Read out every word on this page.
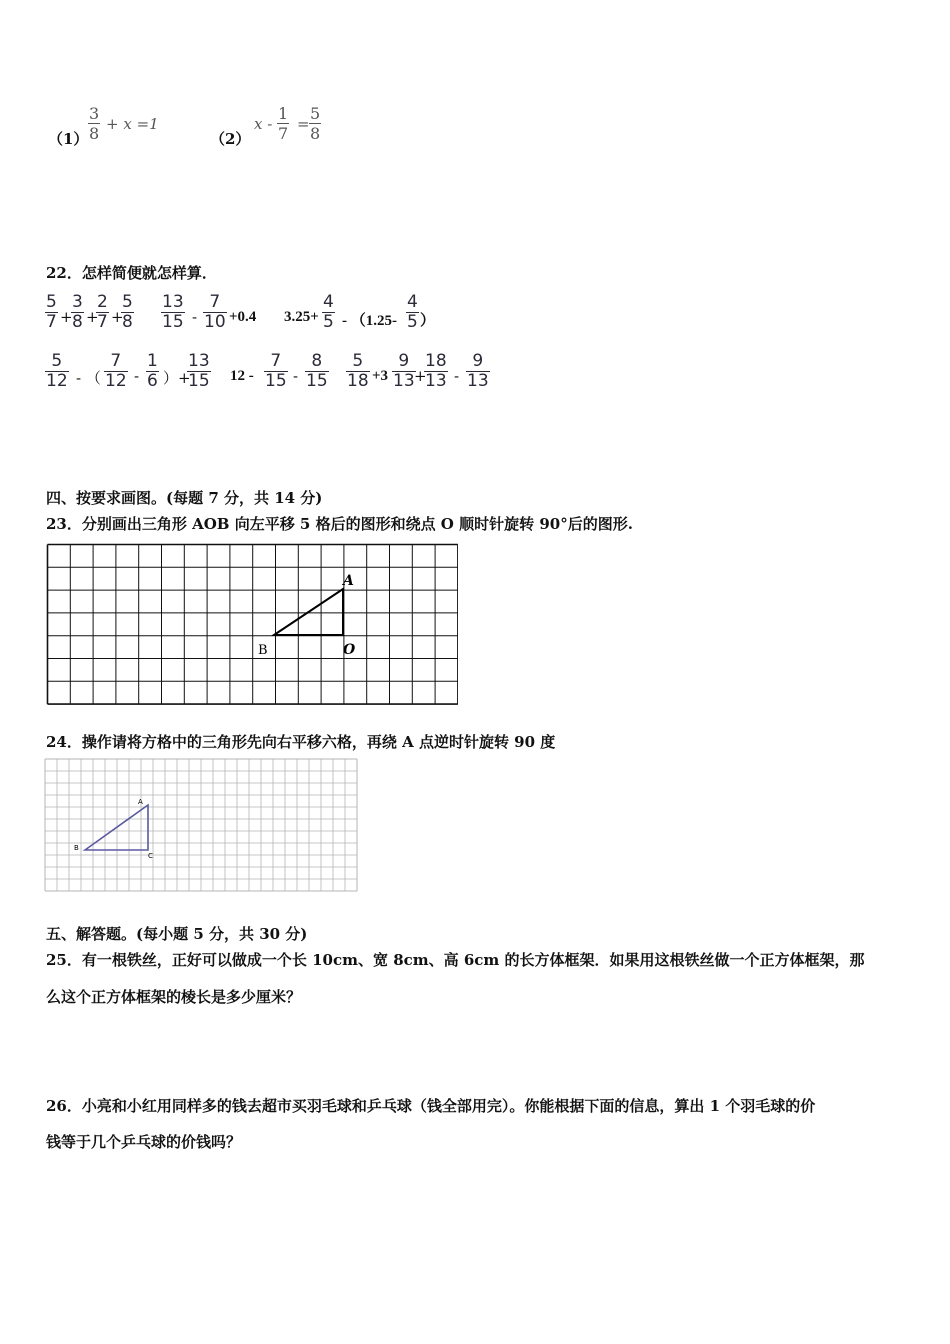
$(1) \frac{3}{8} + x =1$
（2）
$x - \frac{1}{7} = \frac{5}{8}$
22．怎样简便就怎样算．
$\frac{5}{7}$ +
$\frac{3}{8}$ +
$\frac{2}{7}$ +
$\frac{5}{8} \frac{13}{15} - \frac{7}{10} +0.4$ $3.25+ \frac{4}{5} - (1.25- \frac{4}{5}$ ）
$\frac{5}{12}$ - （ $\frac{7}{12} - \frac{1}{6}$ ）+
$\frac{13}{15} 12 - \frac{7}{15} - \frac{8}{15} \frac{5}{18} +3 \frac{9}{13}$
+
$\frac{18}{13} - \frac{9}{13}$
四、按要求画图。(每题 7 分，共 14 分)
23．分别画出三角形 AOB 向左平移 5 格后的图形和绕点 O 顺时针旋转 90°后的图形.
A
B	O
24．操作请将方格中的三角形先向右平移六格，再绕 A 点逆时针旋转 90 度
A
B
C
五、解答题。(每小题 5 分，共 30 分)
25．有一根铁丝，正好可以做成一个长 10cm、宽 8cm、高 6cm 的长方体框架．如果用这根铁丝做一个正方体框架，那
么这个正方体框架的棱长是多少厘米？
26．小亮和小红用同样多的钱去超市买羽毛球和乒乓球（钱全部用完）。你能根据下面的信息，算出 1 个羽毛球的价
钱等于几个乒乓球的价钱吗？
